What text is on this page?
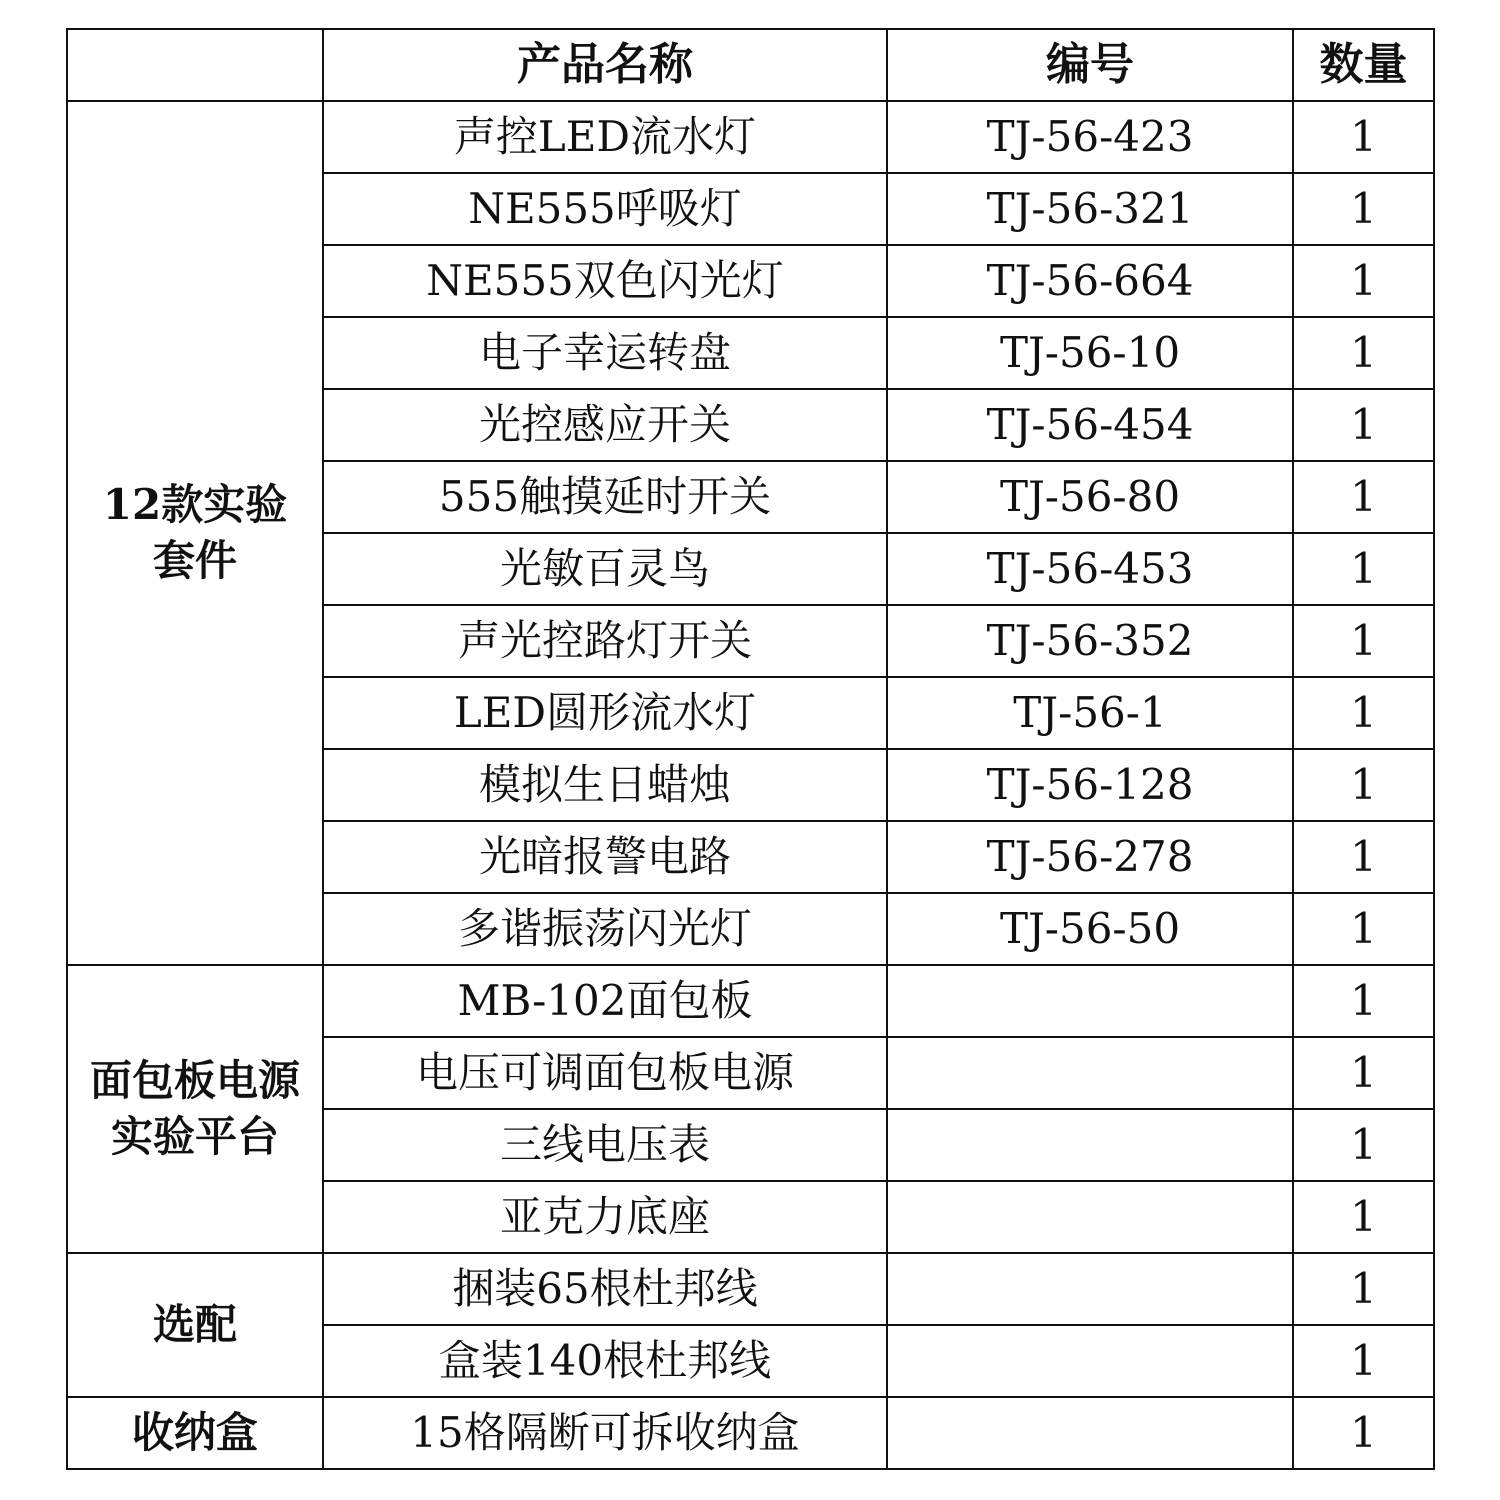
	产品名称	编号	数量
12款实验套件	声控LED流水灯	TJ-56-423	1
	NE555呼吸灯	TJ-56-321	1
	NE555双色闪光灯	TJ-56-664	1
	电子幸运转盘	TJ-56-10	1
	光控感应开关	TJ-56-454	1
	555触摸延时开关	TJ-56-80	1
	光敏百灵鸟	TJ-56-453	1
	声光控路灯开关	TJ-56-352	1
	LED圆形流水灯	TJ-56-1	1
	模拟生日蜡烛	TJ-56-128	1
	光暗报警电路	TJ-56-278	1
	多谐振荡闪光灯	TJ-56-50	1
面包板电源实验平台	MB-102面包板		1
	电压可调面包板电源		1
	三线电压表		1
	亚克力底座		1
选配	捆装65根杜邦线		1
	盒装140根杜邦线		1
收纳盒	15格隔断可拆收纳盒		1
